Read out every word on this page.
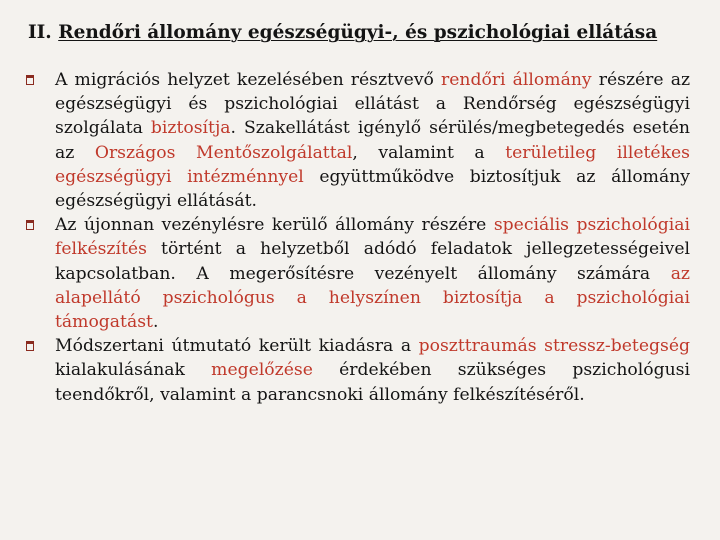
II. Rendőri állomány egészségügyi-, és pszichológiai ellátása
A migrációs helyzet kezelésében résztvevő rendőri állomány részére az egészségügyi és pszichológiai ellátást a Rendőrség egészségügyi szolgálata biztosítja. Szakellátást igénylő sérülés/megbetegedés esetén az Országos Mentőszolgálattal, valamint a területileg illetékes egészségügyi intézménnyel együttműködve biztosítjuk az állomány egészségügyi ellátását.
Az újonnan vezénylésre kerülő állomány részére speciális pszichológiai felkészítés történt a helyzetből adódó feladatok jellegzetességeivel kapcsolatban. A megerősítésre vezényelt állomány számára az alapellátó pszichológus a helyszínen biztosítja a pszichológiai támogatást.
Módszertani útmutató került kiadásra a poszttraumás stressz-betegség kialakulásának megelőzése érdekében szükséges pszichológusi teendőkről, valamint a parancsnoki állomány felkészítéséről.
